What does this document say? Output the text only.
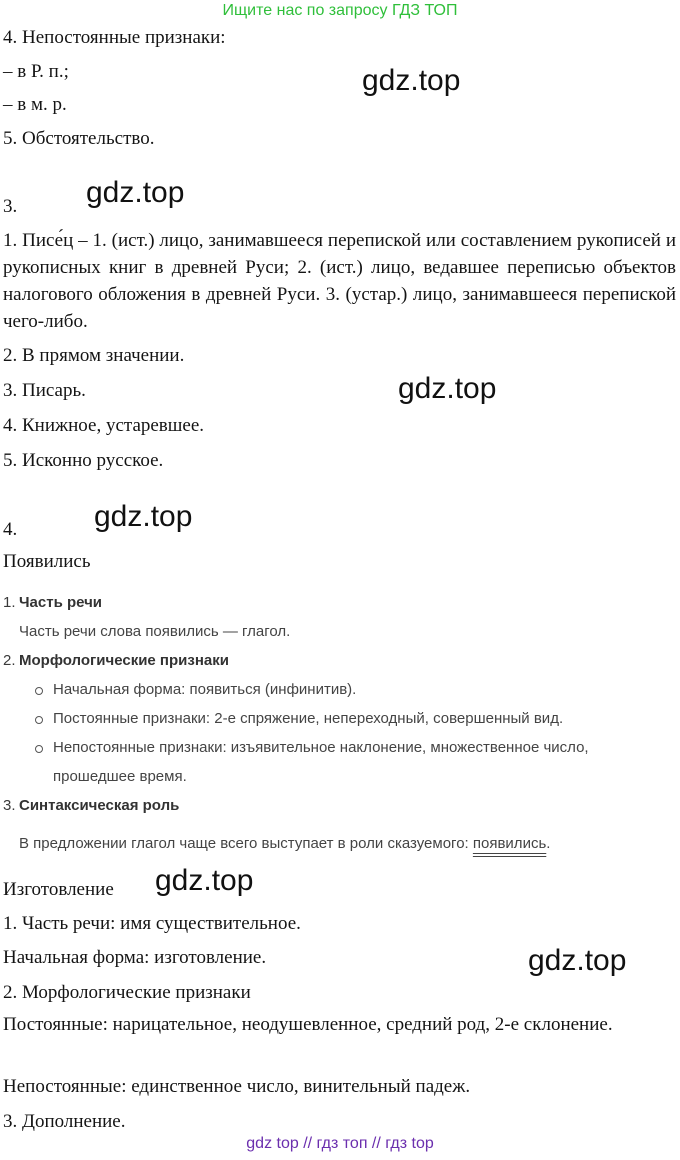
Ищите нас по запросу ГДЗ ТОП
4. Непостоянные признаки:
– в Р. п.;
– в м. р.
5. Обстоятельство.
gdz.top
3. gdz.top
1. Писе́ц – 1. (ист.) лицо, занимавшееся перепиской или составлением рукописей и рукописных книг в древней Руси; 2. (ист.) лицо, ведавшее переписью объектов налогового обложения в древней Руси. 3. (устар.) лицо, занимавшееся перепиской чего-либо.
2. В прямом значении.
3. Писарь.	gdz.top
4. Книжное, устаревшее.
5. Исконно русское.
4.	gdz.top
Появились
1. Часть речи
Часть речи слова появились — глагол.
2. Морфологические признаки
Начальная форма: появиться (инфинитив).
Постоянные признаки: 2-е спряжение, непереходный, совершенный вид.
Непостоянные признаки: изъявительное наклонение, множественное число,
прошедшее время.
3. Синтаксическая роль
В предложении глагол чаще всего выступает в роли сказуемого: появились.
Изготовление gdz.top
1. Часть речи: имя существительное.
Начальная форма: изготовление.	gdz.top
2. Морфологические признаки
Постоянные: нарицательное, неодушевленное, средний род, 2-е склонение.
Непостоянные: единственное число, винительный падеж.
3. Дополнение.
gdz top // гдз топ // гдз top
